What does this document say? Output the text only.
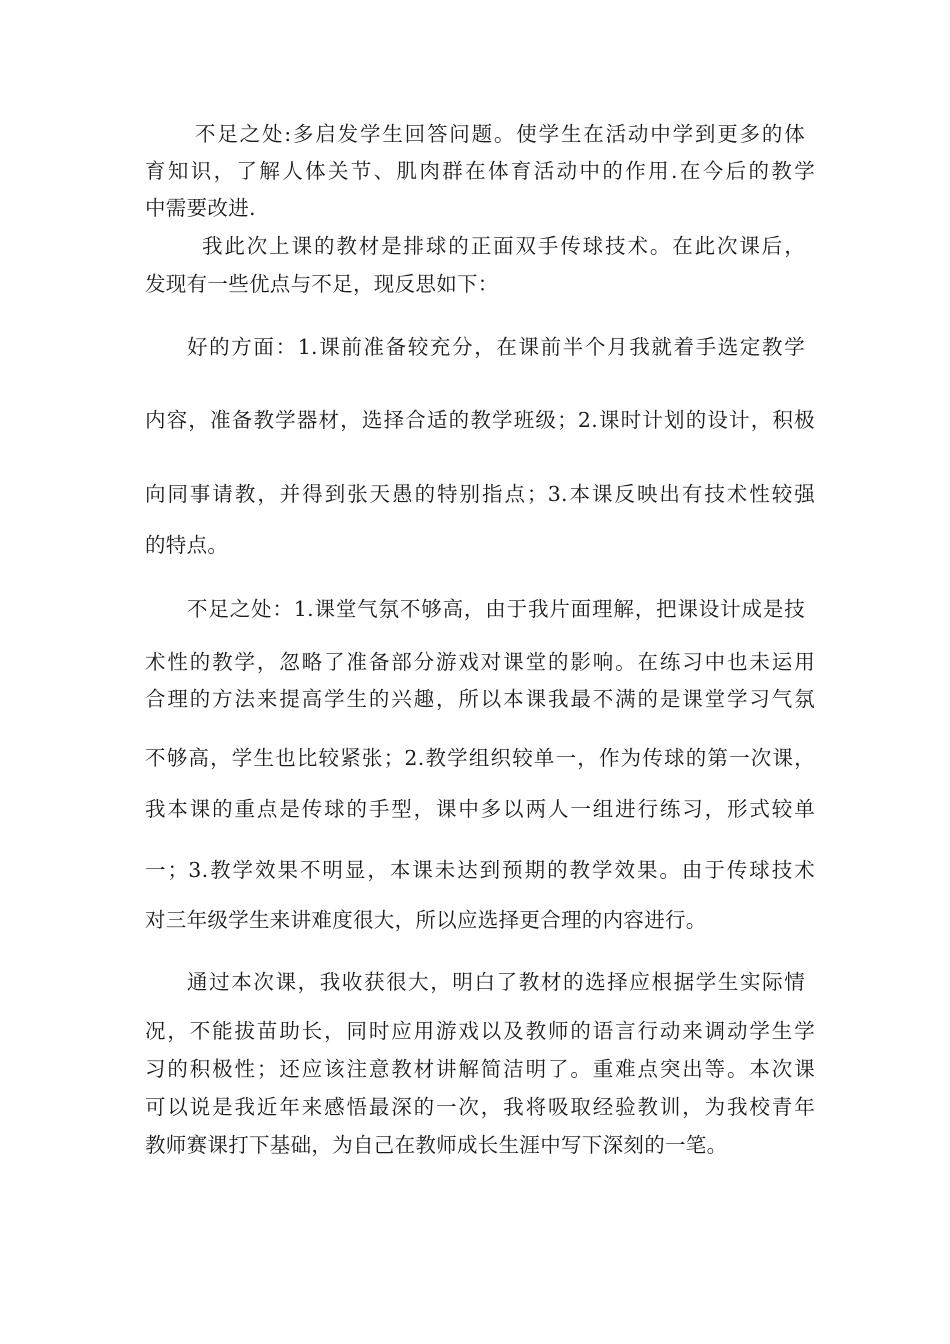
不足之处:多启发学生回答问题。使学生在活动中学到更多的体
育知识，了解人体关节、肌肉群在体育活动中的作用.在今后的教学
中需要改进.
我此次上课的教材是排球的正面双手传球技术。在此次课后，
发现有一些优点与不足，现反思如下：
好的方面：1.课前准备较充分，在课前半个月我就着手选定教学
内容，准备教学器材，选择合适的教学班级；2.课时计划的设计，积极
向同事请教，并得到张天愚的特别指点；3.本课反映出有技术性较强
的特点。
不足之处：1.课堂气氛不够高，由于我片面理解，把课设计成是技
术性的教学，忽略了准备部分游戏对课堂的影响。在练习中也未运用
合理的方法来提高学生的兴趣，所以本课我最不满的是课堂学习气氛
不够高，学生也比较紧张；2.教学组织较单一，作为传球的第一次课，
我本课的重点是传球的手型，课中多以两人一组进行练习，形式较单
一；3.教学效果不明显，本课未达到预期的教学效果。由于传球技术
对三年级学生来讲难度很大，所以应选择更合理的内容进行。
通过本次课，我收获很大，明白了教材的选择应根据学生实际情
况，不能拔苗助长，同时应用游戏以及教师的语言行动来调动学生学
习的积极性；还应该注意教材讲解简洁明了。重难点突出等。本次课
可以说是我近年来感悟最深的一次，我将吸取经验教训，为我校青年
教师赛课打下基础，为自己在教师成长生涯中写下深刻的一笔。
